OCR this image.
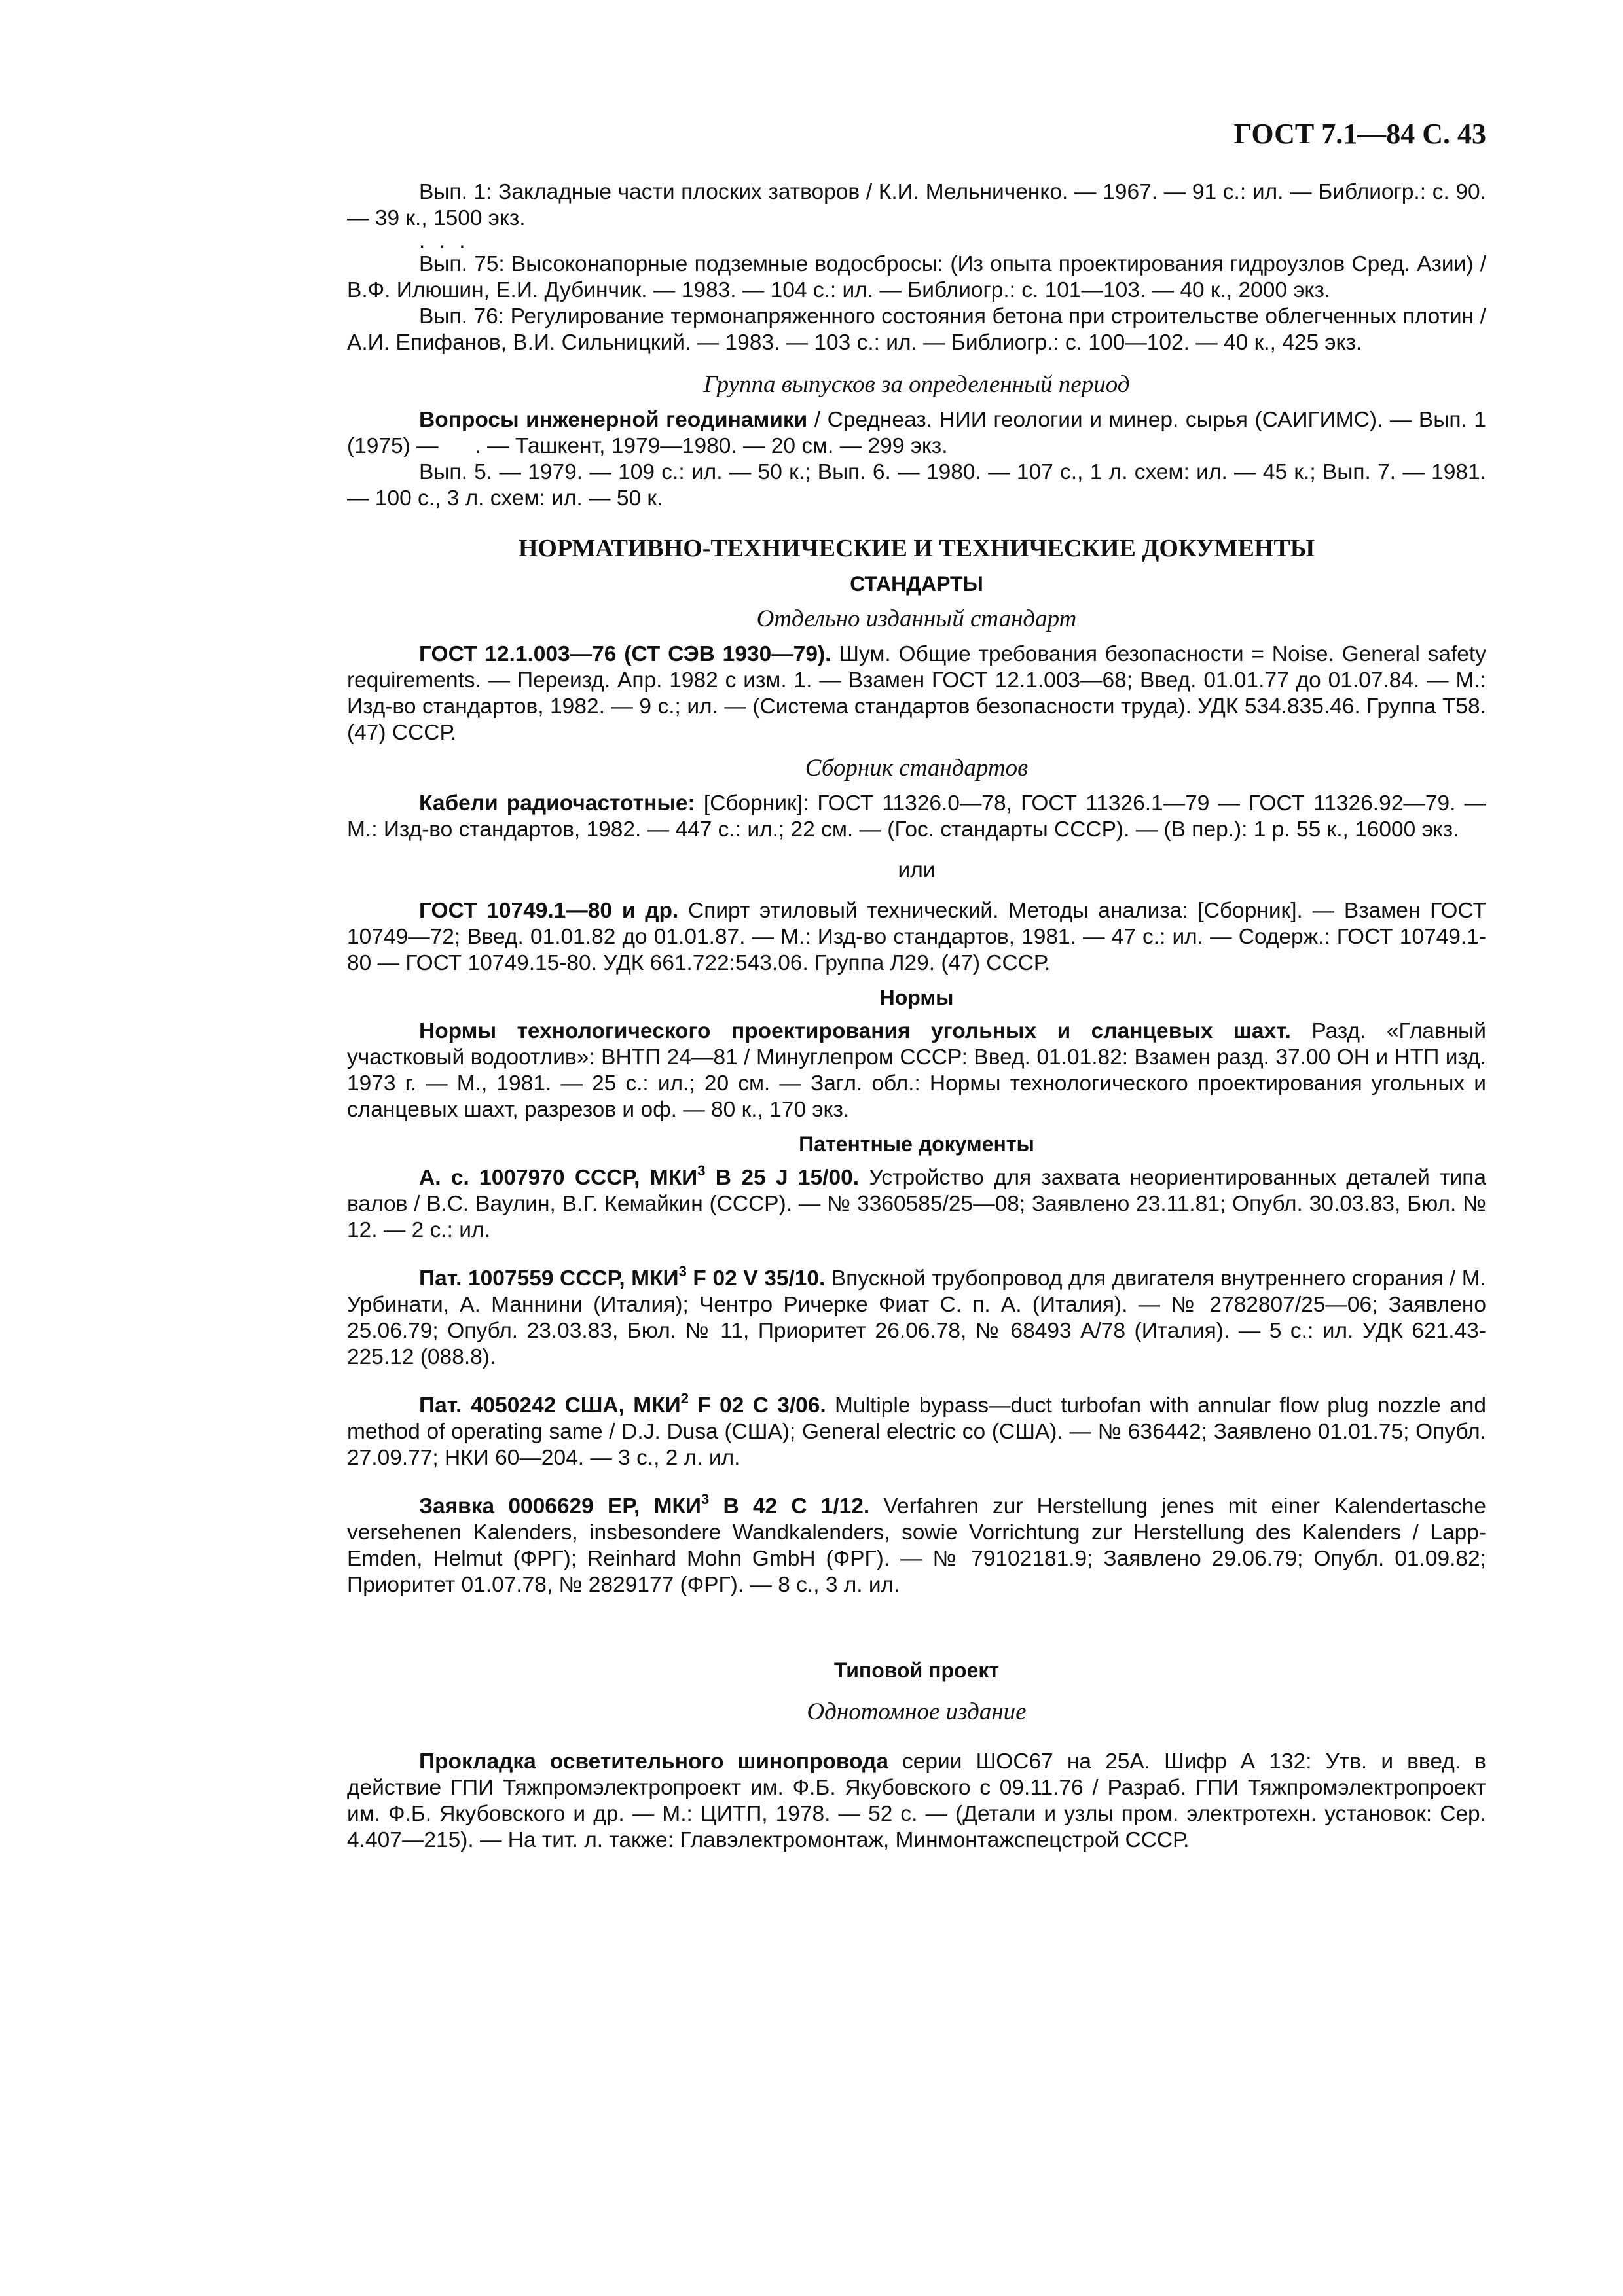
ГОСТ 7.1—84 С. 43

Вып. 1: Закладные части плоских затворов / К.И. Мельниченко. — 1967. — 91 с.: ил. — Библиогр.: с. 90. — 39 к., 1500 экз.

. . .

Вып. 75: Высоконапорные подземные водосбросы: (Из опыта проектирования гидроузлов Сред. Азии) / В.Ф. Илюшин, Е.И. Дубинчик. — 1983. — 104 с.: ил. — Библиогр.: с. 101—103. — 40 к., 2000 экз.

Вып. 76: Регулирование термонапряженного состояния бетона при строительстве облегченных плотин / А.И. Епифанов, В.И. Сильницкий. — 1983. — 103 с.: ил. — Библиогр.: с. 100—102. — 40 к., 425 экз.

Группа выпусков за определенный период

Вопросы инженерной геодинамики / Среднеаз. НИИ геологии и минер. сырья (САИГИМС). — Вып. 1 (1975) —      . — Ташкент, 1979—1980. — 20 см. — 299 экз.

Вып. 5. — 1979. — 109 с.: ил. — 50 к.; Вып. 6. — 1980. — 107 с., 1 л. схем: ил. — 45 к.; Вып. 7. — 1981. — 100 с., 3 л. схем: ил. — 50 к.

НОРМАТИВНО-ТЕХНИЧЕСКИЕ И ТЕХНИЧЕСКИЕ ДОКУМЕНТЫ

СТАНДАРТЫ

Отдельно изданный стандарт

ГОСТ 12.1.003—76 (СТ СЭВ 1930—79). Шум. Общие требования безопасности = Noise. General safety requirements. — Переизд. Апр. 1982 с изм. 1. — Взамен ГОСТ 12.1.003—68; Введ. 01.01.77 до 01.07.84. — М.: Изд-во стандартов, 1982. — 9 с.; ил. — (Система стандартов безопасности труда). УДК 534.835.46. Группа Т58.(47) СССР.

Сборник стандартов

Кабели радиочастотные: [Сборник]: ГОСТ 11326.0—78, ГОСТ 11326.1—79 — ГОСТ 11326.92—79. — М.: Изд-во стандартов, 1982. — 447 с.: ил.; 22 см. — (Гос. стандарты СССР). — (В пер.): 1 р. 55 к., 16000 экз.

или

ГОСТ 10749.1—80 и др. Спирт этиловый технический. Методы анализа: [Сборник]. — Взамен ГОСТ 10749—72; Введ. 01.01.82 до 01.01.87. — М.: Изд-во стандартов, 1981. — 47 с.: ил. — Содерж.: ГОСТ 10749.1-80 — ГОСТ 10749.15-80. УДК 661.722:543.06. Группа Л29. (47) СССР.

Нормы

Нормы технологического проектирования угольных и сланцевых шахт. Разд. «Главный участковый водоотлив»: ВНТП 24—81 / Минуглепром СССР: Введ. 01.01.82: Взамен разд. 37.00 ОН и НТП изд. 1973 г. — М., 1981. — 25 с.: ил.; 20 см. — Загл. обл.: Нормы технологического проектирования угольных и сланцевых шахт, разрезов и оф. — 80 к., 170 экз.

Патентные документы

А. с. 1007970 СССР, МКИ$^3$ В 25 J 15/00. Устройство для захвата неориентированных деталей типа валов / В.С. Ваулин, В.Г. Кемайкин (СССР). — № 3360585/25—08; Заявлено 23.11.81; Опубл. 30.03.83, Бюл. № 12. — 2 с.: ил.

Пат. 1007559 СССР, МКИ$^3$ F 02 V 35/10. Впускной трубопровод для двигателя внутреннего сгорания / М. Урбинати, А. Маннини (Италия); Чентро Ричерке Фиат С. п. А. (Италия). — № 2782807/25—06; Заявлено 25.06.79; Опубл. 23.03.83, Бюл. № 11, Приоритет 26.06.78, № 68493 А/78 (Италия). — 5 с.: ил. УДК 621.43-225.12 (088.8).

Пат. 4050242 США, МКИ$^2$ F 02 С 3/06. Multiple bypass—duct turbofan with annular flow plug nozzle and method of operating same / D.J. Dusa (США); General electric co (США). — № 636442; Заявлено 01.01.75; Опубл. 27.09.77; НКИ 60—204. — 3 с., 2 л. ил.

Заявка 0006629 ЕР, МКИ$^3$ В 42 С 1/12. Verfahren zur Herstellung jenes mit einer Kalendertasche versehenen Kalenders, insbesondere Wandkalenders, sowie Vorrichtung zur Herstellung des Kalenders / Lapp-Emden, Helmut (ФРГ); Reinhard Mohn GmbH (ФРГ). — № 79102181.9; Заявлено 29.06.79; Опубл. 01.09.82; Приоритет 01.07.78, № 2829177 (ФРГ). — 8 с., 3 л. ил.

Типовой проект

Однотомное издание

Прокладка осветительного шинопровода серии ШОС67 на 25А. Шифр А 132: Утв. и введ. в действие ГПИ Тяжпромэлектропроект им. Ф.Б. Якубовского с 09.11.76 / Разраб. ГПИ Тяжпромэлектропроект им. Ф.Б. Якубовского и др. — М.: ЦИТП, 1978. — 52 с. — (Детали и узлы пром. электротехн. установок: Сер. 4.407—215). — На тит. л. также: Главэлектромонтаж, Минмонтажспецстрой СССР.
